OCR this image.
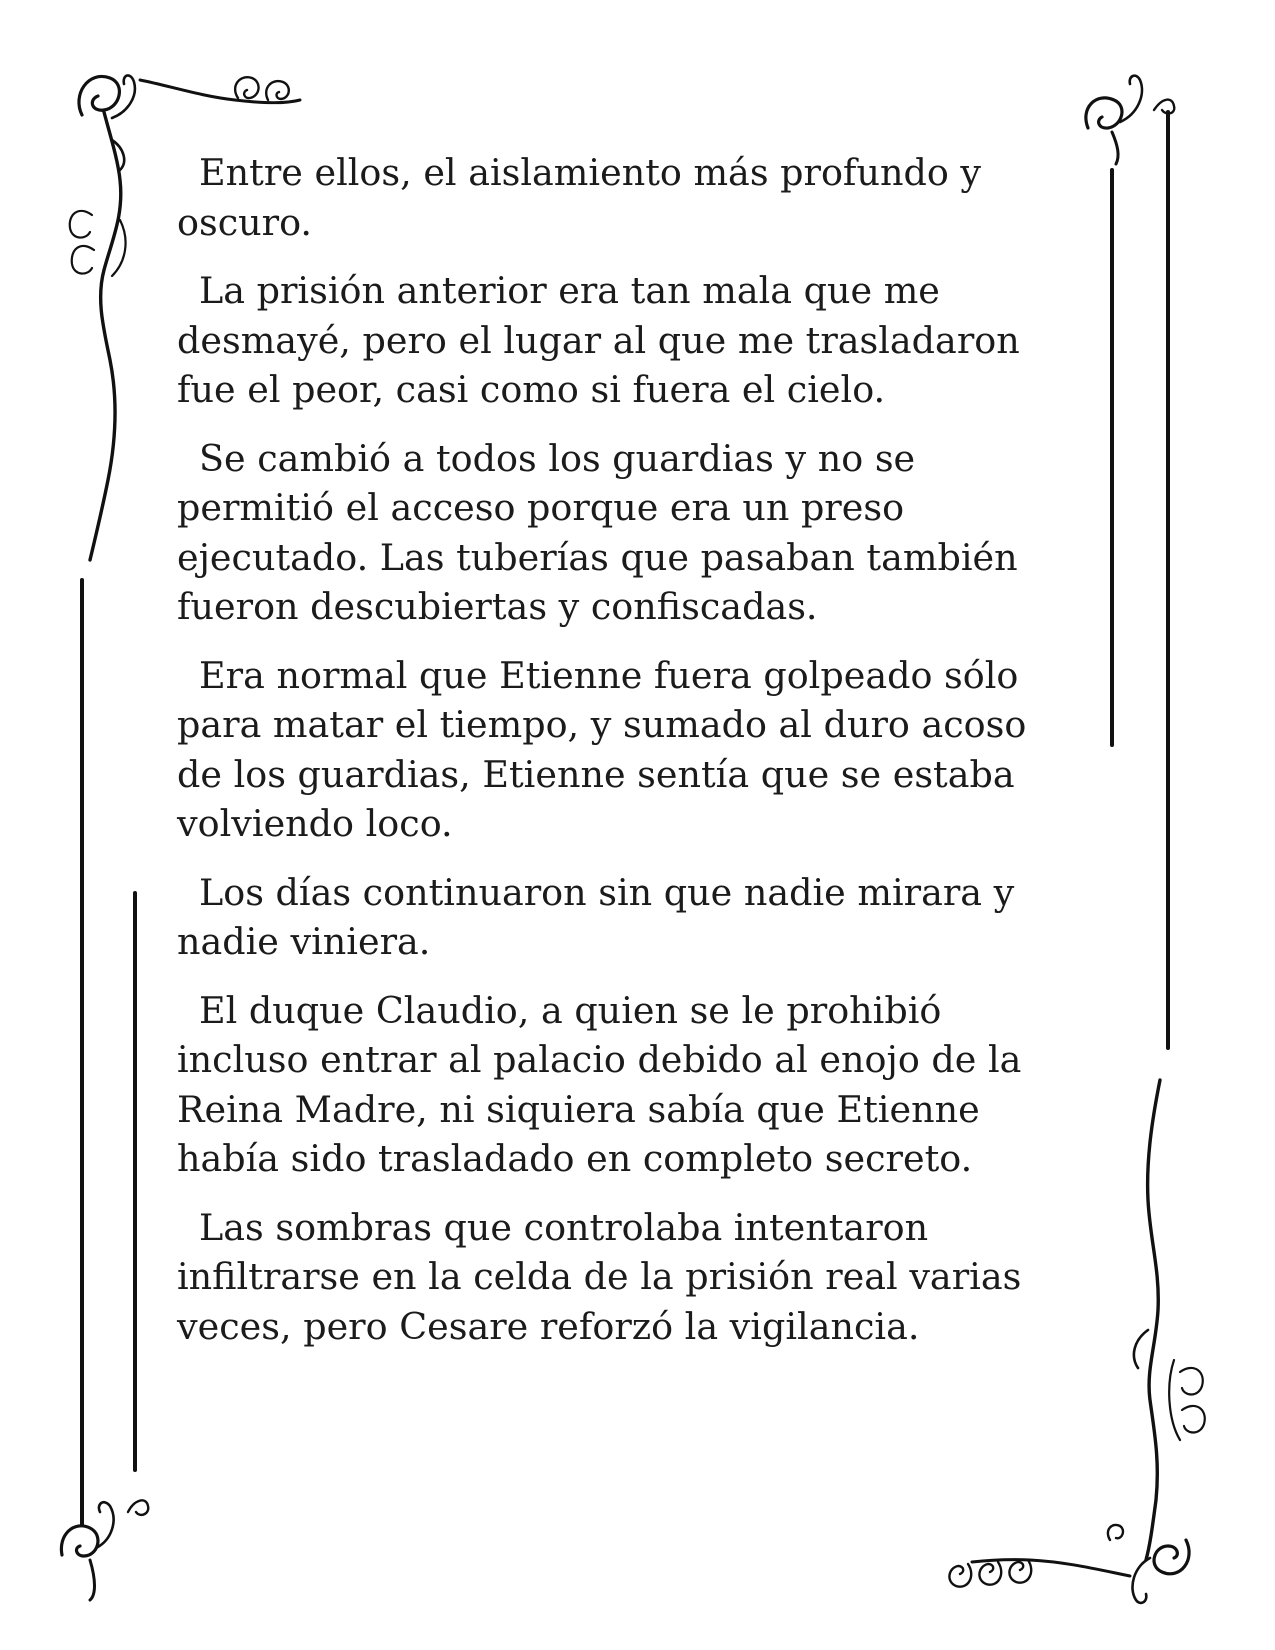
Entre ellos, el aislamiento más profundo y
oscuro.

La prisión anterior era tan mala que me
desmayé, pero el lugar al que me trasladaron
fue el peor, casi como si fuera el cielo.

Se cambió a todos los guardias y no se
permitió el acceso porque era un preso
ejecutado. Las tuberías que pasaban también
fueron descubiertas y confiscadas.

Era normal que Etienne fuera golpeado sólo
para matar el tiempo, y sumado al duro acoso
de los guardias, Etienne sentía que se estaba
volviendo loco.

Los días continuaron sin que nadie mirara y
nadie viniera.

El duque Claudio, a quien se le prohibió
incluso entrar al palacio debido al enojo de la
Reina Madre, ni siquiera sabía que Etienne
había sido trasladado en completo secreto.

Las sombras que controlaba intentaron
infiltrarse en la celda de la prisión real varias
veces, pero Cesare reforzó la vigilancia.
